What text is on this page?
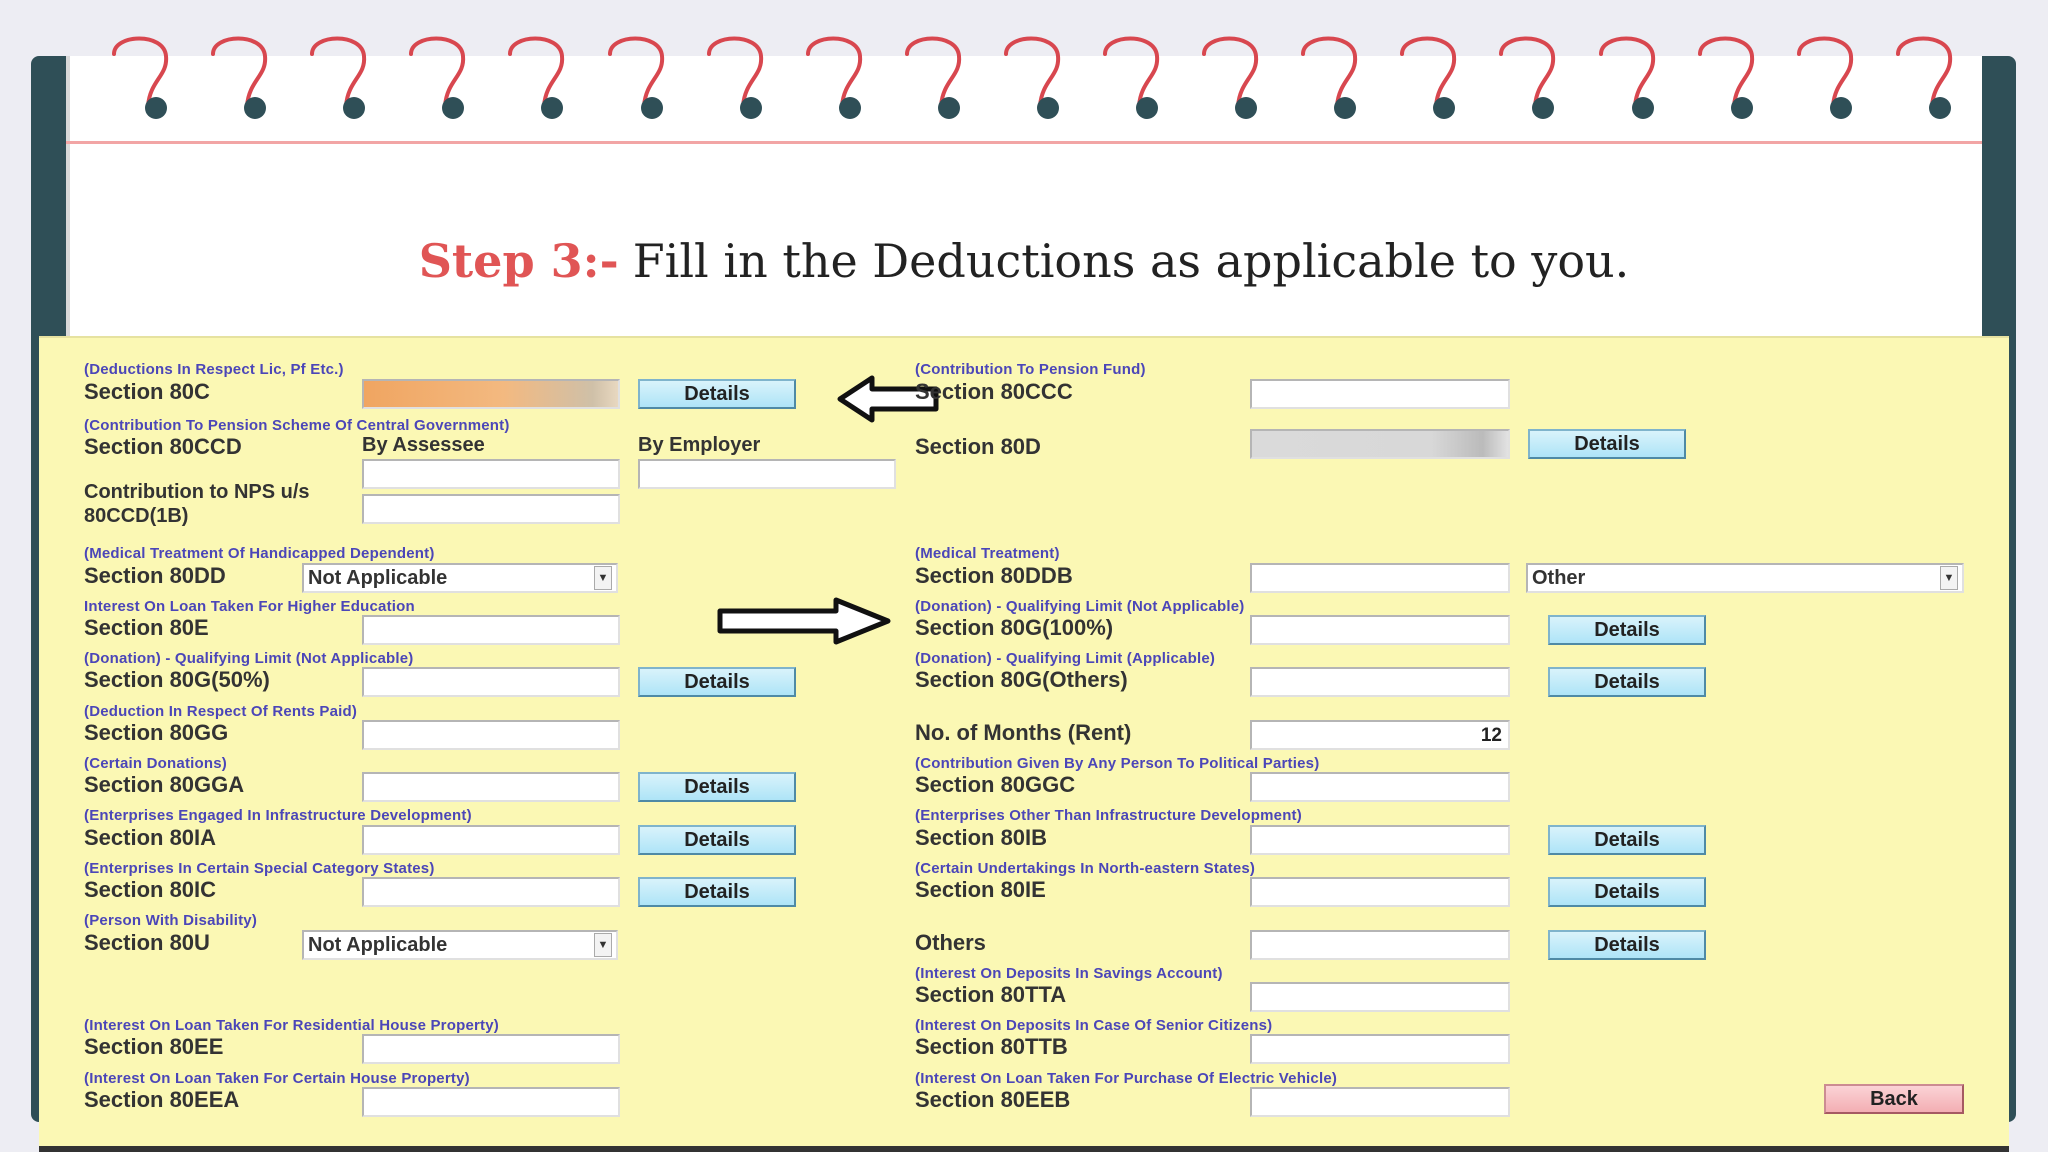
Step 3:- Fill in the Deductions as applicable to you.
(Deductions In Respect Lic, Pf Etc.)
Section 80C	Details
(Contribution To Pension Scheme Of Central Government)
Section 80CCD	By Assessee	By Employer
Contribution to NPS u/s 80CCD(1B)
(Medical Treatment Of Handicapped Dependent)
Section 80DD	Not Applicable	▼
Interest On Loan Taken For Higher Education
Section 80E
(Donation) - Qualifying Limit (Not Applicable)
Section 80G(50%)	Details
(Deduction In Respect Of Rents Paid)
Section 80GG
(Certain Donations)
Section 80GGA	Details
(Enterprises Engaged In Infrastructure Development)
Section 80IA	Details
(Enterprises In Certain Special Category States)
Section 80IC	Details
(Person With Disability)
Section 80U	Not Applicable	▼
(Interest On Loan Taken For Residential House Property)
Section 80EE
(Interest On Loan Taken For Certain House Property)
Section 80EEA
(Contribution To Pension Fund)
Section 80CCC
Section 80D	Details
(Medical Treatment)
Section 80DDB	Other	▼
(Donation) - Qualifying Limit (Not Applicable)
Section 80G(100%)	Details
(Donation) - Qualifying Limit (Applicable)
Section 80G(Others)	Details
No. of Months (Rent)	12
(Contribution Given By Any Person To Political Parties)
Section 80GGC
(Enterprises Other Than Infrastructure Development)
Section 80IB	Details
(Certain Undertakings In North-eastern States)
Section 80IE	Details
Others	Details
(Interest On Deposits In Savings Account)
Section 80TTA
(Interest On Deposits In Case Of Senior Citizens)
Section 80TTB
(Interest On Loan Taken For Purchase Of Electric Vehicle)
Section 80EEB	Back
